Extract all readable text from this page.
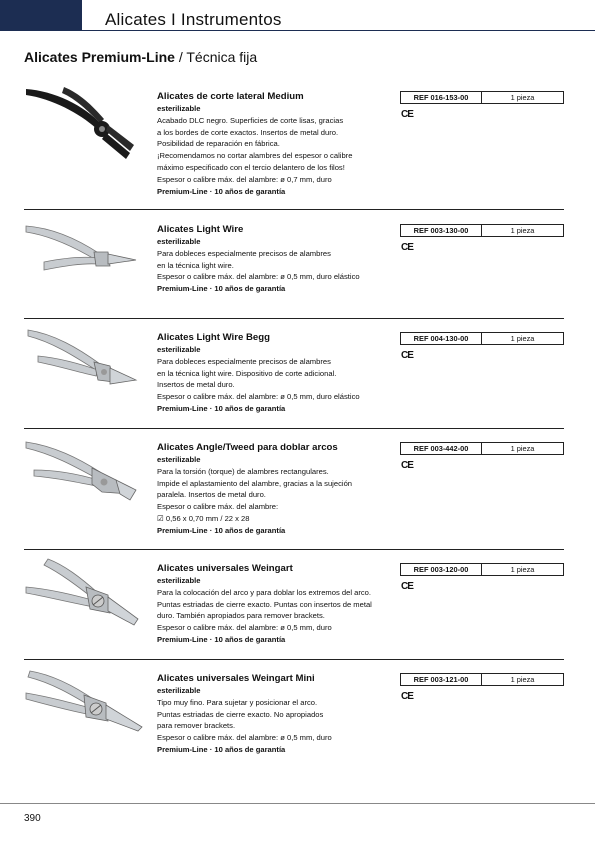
Alicates I Instrumentos
Alicates Premium-Line / Técnica fija
Alicates de corte lateral Medium
esterilizable
Acabado DLC negro. Superficies de corte lisas, gracias
a los bordes de corte exactos. Insertos de metal duro.
Posibilidad de reparación en fábrica.
¡Recomendamos no cortar alambres del espesor o calibre
máximo especificado con el tercio delantero de los filos!
Espesor o calibre máx. del alambre: ø 0,7 mm, duro
Premium-Line · 10 años de garantía
REF 016-153-00	1 pieza
CE
Alicates Light Wire
esterilizable
Para dobleces especialmente precisos de alambres
en la técnica light wire.
Espesor o calibre máx. del alambre: ø 0,5 mm, duro elástico
Premium-Line · 10 años de garantía
REF 003-130-00	1 pieza
CE
Alicates Light Wire Begg
esterilizable
Para dobleces especialmente precisos de alambres
en la técnica light wire. Dispositivo de corte adicional.
Insertos de metal duro.
Espesor o calibre máx. del alambre: ø 0,5 mm, duro elástico
Premium-Line · 10 años de garantía
REF 004-130-00	1 pieza
CE
Alicates Angle/Tweed para doblar arcos
esterilizable
Para la torsión (torque) de alambres rectangulares.
Impide el aplastamiento del alambre, gracias a la sujeción
paralela. Insertos de metal duro.
Espesor o calibre máx. del alambre:
☑ 0,56 x 0,70 mm / 22 x 28
Premium-Line · 10 años de garantía
REF 003-442-00	1 pieza
CE
Alicates universales Weingart
esterilizable
Para la colocación del arco y para doblar los extremos del arco.
Puntas estriadas de cierre exacto. Puntas con insertos de metal
duro. También apropiados para remover brackets.
Espesor o calibre máx. del alambre: ø 0,5 mm, duro
Premium-Line · 10 años de garantía
REF 003-120-00	1 pieza
CE
Alicates universales Weingart Mini
esterilizable
Tipo muy fino. Para sujetar y posicionar el arco.
Puntas estriadas de cierre exacto. No apropiados
para remover brackets.
Espesor o calibre máx. del alambre: ø 0,5 mm, duro
Premium-Line · 10 años de garantía
REF 003-121-00	1 pieza
CE
390
